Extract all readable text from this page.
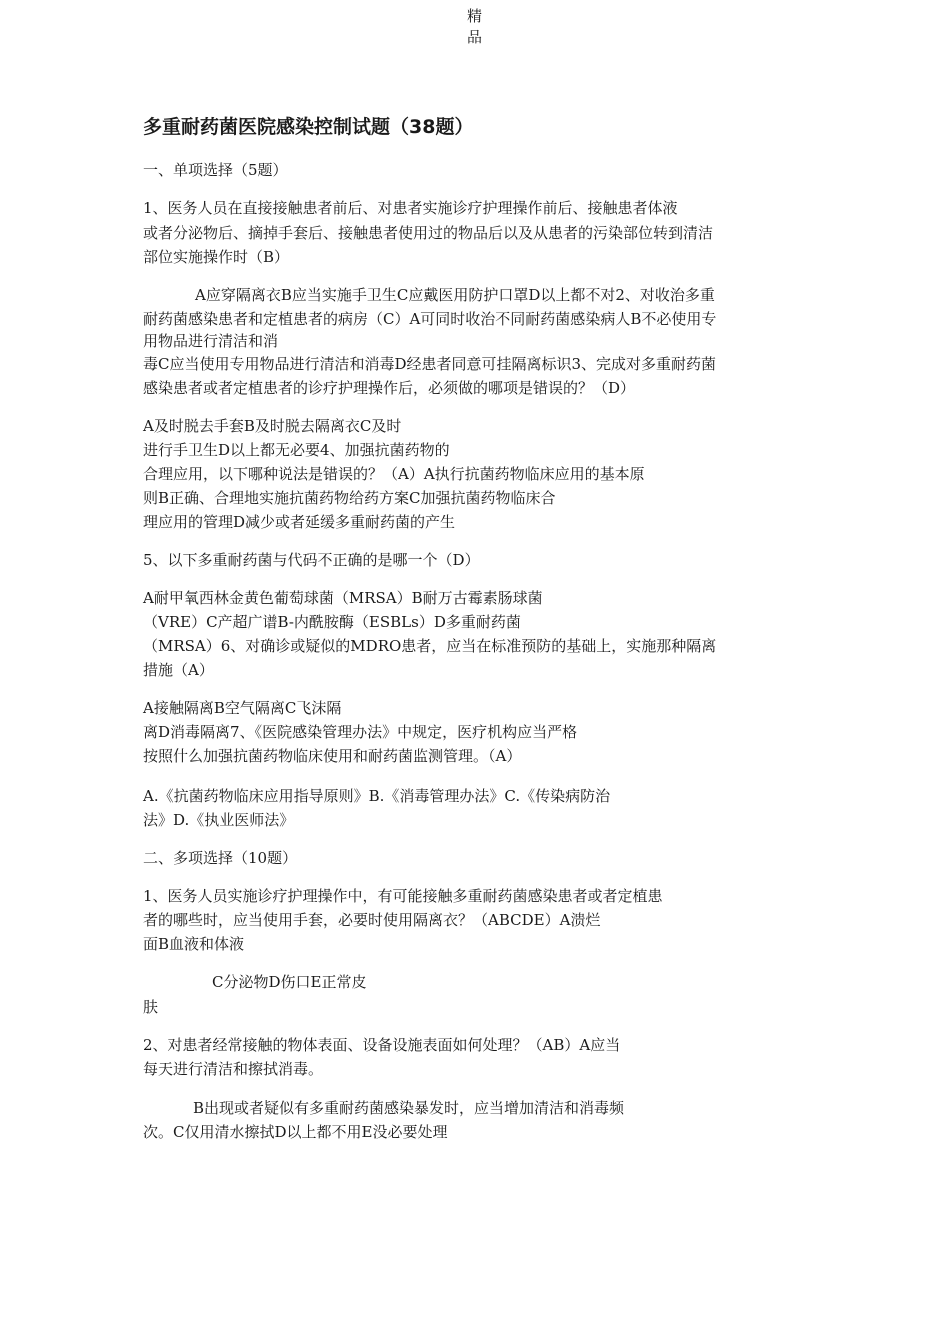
精
品
多重耐药菌医院感染控制试题（38题）
一、单项选择（5题）
1、医务人员在直接接触患者前后、对患者实施诊疗护理操作前后、接触患者体液
或者分泌物后、摘掉手套后、接触患者使用过的物品后以及从患者的污染部位转到清洁
部位实施操作时（B）
A应穿隔离衣B应当实施手卫生C应戴医用防护口罩D以上都不对2、对收治多重
耐药菌感染患者和定植患者的病房（C）A可同时收治不同耐药菌感染病人B不必使用专
用物品进行清洁和消
毒C应当使用专用物品进行清洁和消毒D经患者同意可挂隔离标识3、完成对多重耐药菌
感染患者或者定植患者的诊疗护理操作后，必须做的哪项是错误的？（D）
A及时脱去手套B及时脱去隔离衣C及时
进行手卫生D以上都无必要4、加强抗菌药物的
合理应用，以下哪种说法是错误的？（A）A执行抗菌药物临床应用的基本原
则B正确、合理地实施抗菌药物给药方案C加强抗菌药物临床合
理应用的管理D减少或者延缓多重耐药菌的产生
5、以下多重耐药菌与代码不正确的是哪一个（D）
A耐甲氧西林金黄色葡萄球菌（MRSA）B耐万古霉素肠球菌
（VRE）C产超广谱B-内酰胺酶（ESBLs）D多重耐药菌
（MRSA）6、对确诊或疑似的MDRO患者，应当在标准预防的基础上，实施那种隔离
措施（A）
A接触隔离B空气隔离C飞沫隔
离D消毒隔离7、《医院感染管理办法》中规定，医疗机构应当严格
按照什么加强抗菌药物临床使用和耐药菌监测管理。（A）
A.《抗菌药物临床应用指导原则》B.《消毒管理办法》C.《传染病防治
法》D.《执业医师法》
二、多项选择（10题）
1、医务人员实施诊疗护理操作中，有可能接触多重耐药菌感染患者或者定植患
者的哪些时，应当使用手套，必要时使用隔离衣？（ABCDE）A溃烂
面B血液和体液
C分泌物D伤口E正常皮
肤
2、对患者经常接触的物体表面、设备设施表面如何处理？（AB）A应当
每天进行清洁和擦拭消毒。
B出现或者疑似有多重耐药菌感染暴发时，应当增加清洁和消毒频
次。C仅用清水擦拭D以上都不用E没必要处理
